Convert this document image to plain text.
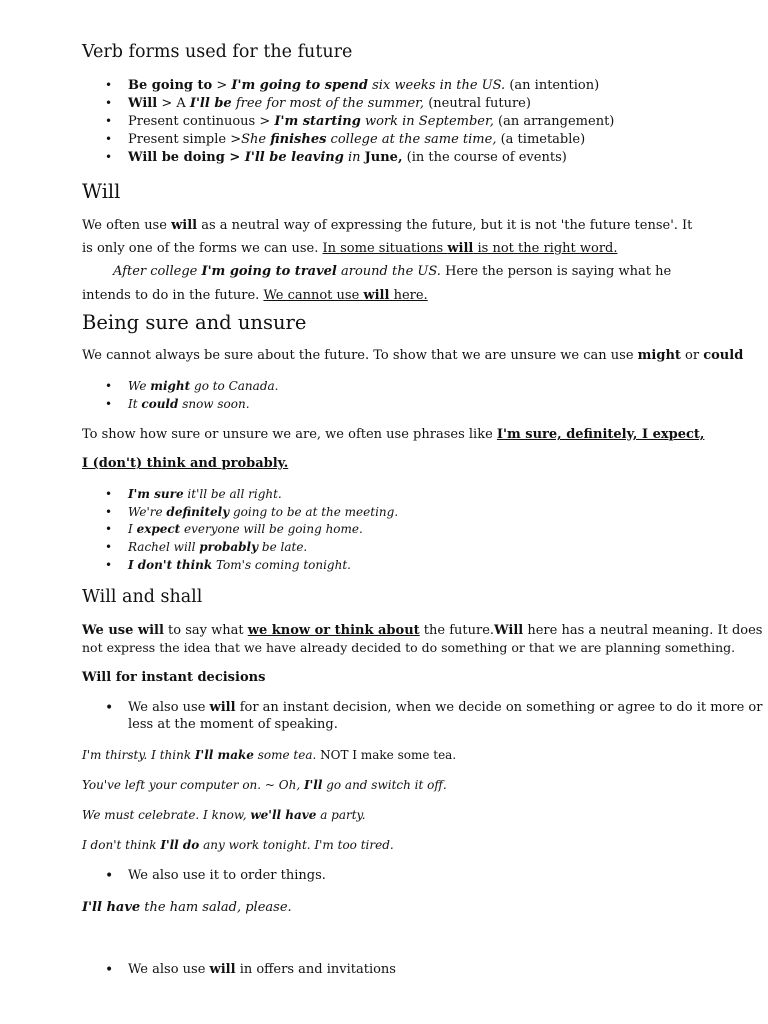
Verb forms used for the future
• Be going to > I'm going to spend six weeks in the US. (an intention)
• Will > A I'll be free for most of the summer, (neutral future)
• Present continuous > I'm starting work in September, (an arrangement)
• Present simple >She finishes college at the same time, (a timetable)
• Will be doing > I'll be leaving in June, (in the course of events)
Will
We often use will as a neutral way of expressing the future, but it is not 'the future tense'. It
is only one of the forms we can use. In some situations will is not the right word.
After college I'm going to travel around the US. Here the person is saying what he
intends to do in the future. We cannot use will here.
Being sure and unsure
We cannot always be sure about the future. To show that we are unsure we can use might or could
• We might go to Canada.
• It could snow soon.
To show how sure or unsure we are, we often use phrases like I'm sure, definitely, I expect,
I (don't) think and probably.
• I'm sure it'll be all right.
• We're definitely going to be at the meeting.
• I expect everyone will be going home.
• Rachel will probably be late.
• I don't think Tom's coming tonight.
Will and shall
We use will to say what we know or think about the future.Will here has a neutral meaning. It does
not express the idea that we have already decided to do something or that we are planning something.
Will for instant decisions
• We also use will for an instant decision, when we decide on something or agree to do it more or
less at the moment of speaking.
I'm thirsty. I think I'll make some tea. NOT I make some tea.
You've left your computer on. ~ Oh, I'll go and switch it off.
We must celebrate. I know, we'll have a party.
I don't think I'll do any work tonight. I'm too tired.
• We also use it to order things.
I'll have the ham salad, please.
• We also use will in offers and invitations
